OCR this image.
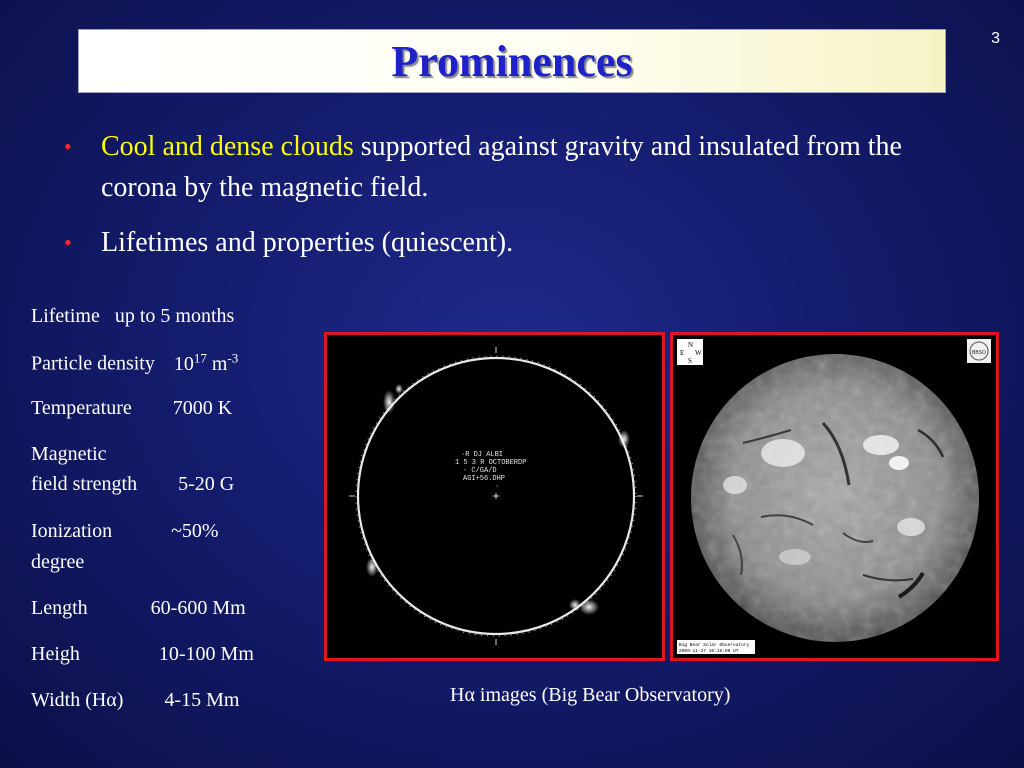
3
Prominences
•	Cool and dense clouds supported against gravity and insulated from the corona by the magnetic field.
•	Lifetimes and properties (quiescent).
Lifetime up to 5 months
Particle density $10^{17}$ $m^{-3}$
Temperature 7000 K
Magnetic
field strength 5-20 G
Ionization	~50%
degree
Length	60-600 Mm
Heigh	10-100 Mm
Width (Hα) 4-15 Mm
·R DJ ALBI
1 5 3 R OCTOBERDP
· C/GA/D
AGI+56.DHP
·
N
E W
S
BBSO
Big Bear Solar Observatory
2000-11-27 16:16:00 UT
Hα images (Big Bear Observatory)
